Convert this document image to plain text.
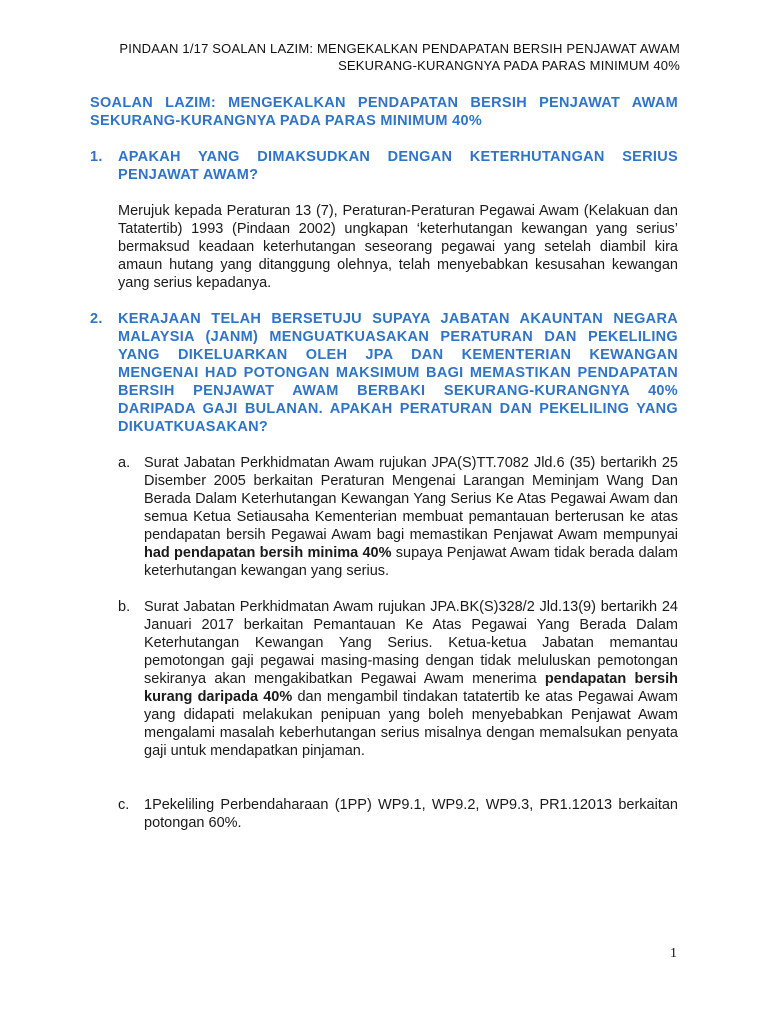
PINDAAN 1/17 SOALAN LAZIM: MENGEKALKAN PENDAPATAN BERSIH PENJAWAT AWAM
SEKURANG-KURANGNYA PADA PARAS MINIMUM 40%
SOALAN LAZIM: MENGEKALKAN PENDAPATAN BERSIH PENJAWAT AWAM SEKURANG-KURANGNYA PADA PARAS MINIMUM 40%
1.	APAKAH YANG DIMAKSUDKAN DENGAN KETERHUTANGAN SERIUS PENJAWAT AWAM?
Merujuk kepada Peraturan 13 (7), Peraturan-Peraturan Pegawai Awam (Kelakuan dan Tatatertib) 1993 (Pindaan 2002) ungkapan ‘keterhutangan kewangan yang serius’ bermaksud keadaan keterhutangan seseorang pegawai yang setelah diambil kira amaun hutang yang ditanggung olehnya, telah menyebabkan kesusahan kewangan yang serius kepadanya.
2.	KERAJAAN TELAH BERSETUJU SUPAYA JABATAN AKAUNTAN NEGARA MALAYSIA (JANM) MENGUATKUASAKAN PERATURAN DAN PEKELILING YANG DIKELUARKAN OLEH JPA DAN KEMENTERIAN KEWANGAN MENGENAI HAD POTONGAN MAKSIMUM BAGI MEMASTIKAN PENDAPATAN BERSIH PENJAWAT AWAM BERBAKI SEKURANG-KURANGNYA 40% DARIPADA GAJI BULANAN. APAKAH PERATURAN DAN PEKELILING YANG DIKUATKUASAKAN?
a. Surat Jabatan Perkhidmatan Awam rujukan JPA(S)TT.7082 Jld.6 (35) bertarikh 25 Disember 2005 berkaitan Peraturan Mengenai Larangan Meminjam Wang Dan Berada Dalam Keterhutangan Kewangan Yang Serius Ke Atas Pegawai Awam dan semua Ketua Setiausaha Kementerian membuat pemantauan berterusan ke atas pendapatan bersih Pegawai Awam bagi memastikan Penjawat Awam mempunyai had pendapatan bersih minima 40% supaya Penjawat Awam tidak berada dalam keterhutangan kewangan yang serius.
b. Surat Jabatan Perkhidmatan Awam rujukan JPA.BK(S)328/2 Jld.13(9) bertarikh 24 Januari 2017 berkaitan Pemantauan Ke Atas Pegawai Yang Berada Dalam Keterhutangan Kewangan Yang Serius. Ketua-ketua Jabatan memantau pemotongan gaji pegawai masing-masing dengan tidak meluluskan pemotongan sekiranya akan mengakibatkan Pegawai Awam menerima pendapatan bersih kurang daripada 40% dan mengambil tindakan tatatertib ke atas Pegawai Awam yang didapati melakukan penipuan yang boleh menyebabkan Penjawat Awam mengalami masalah keberhutangan serius misalnya dengan memalsukan penyata gaji untuk mendapatkan pinjaman.
c.	1Pekeliling Perbendaharaan (1PP) WP9.1, WP9.2, WP9.3, PR1.12013 berkaitan potongan 60%.
1
